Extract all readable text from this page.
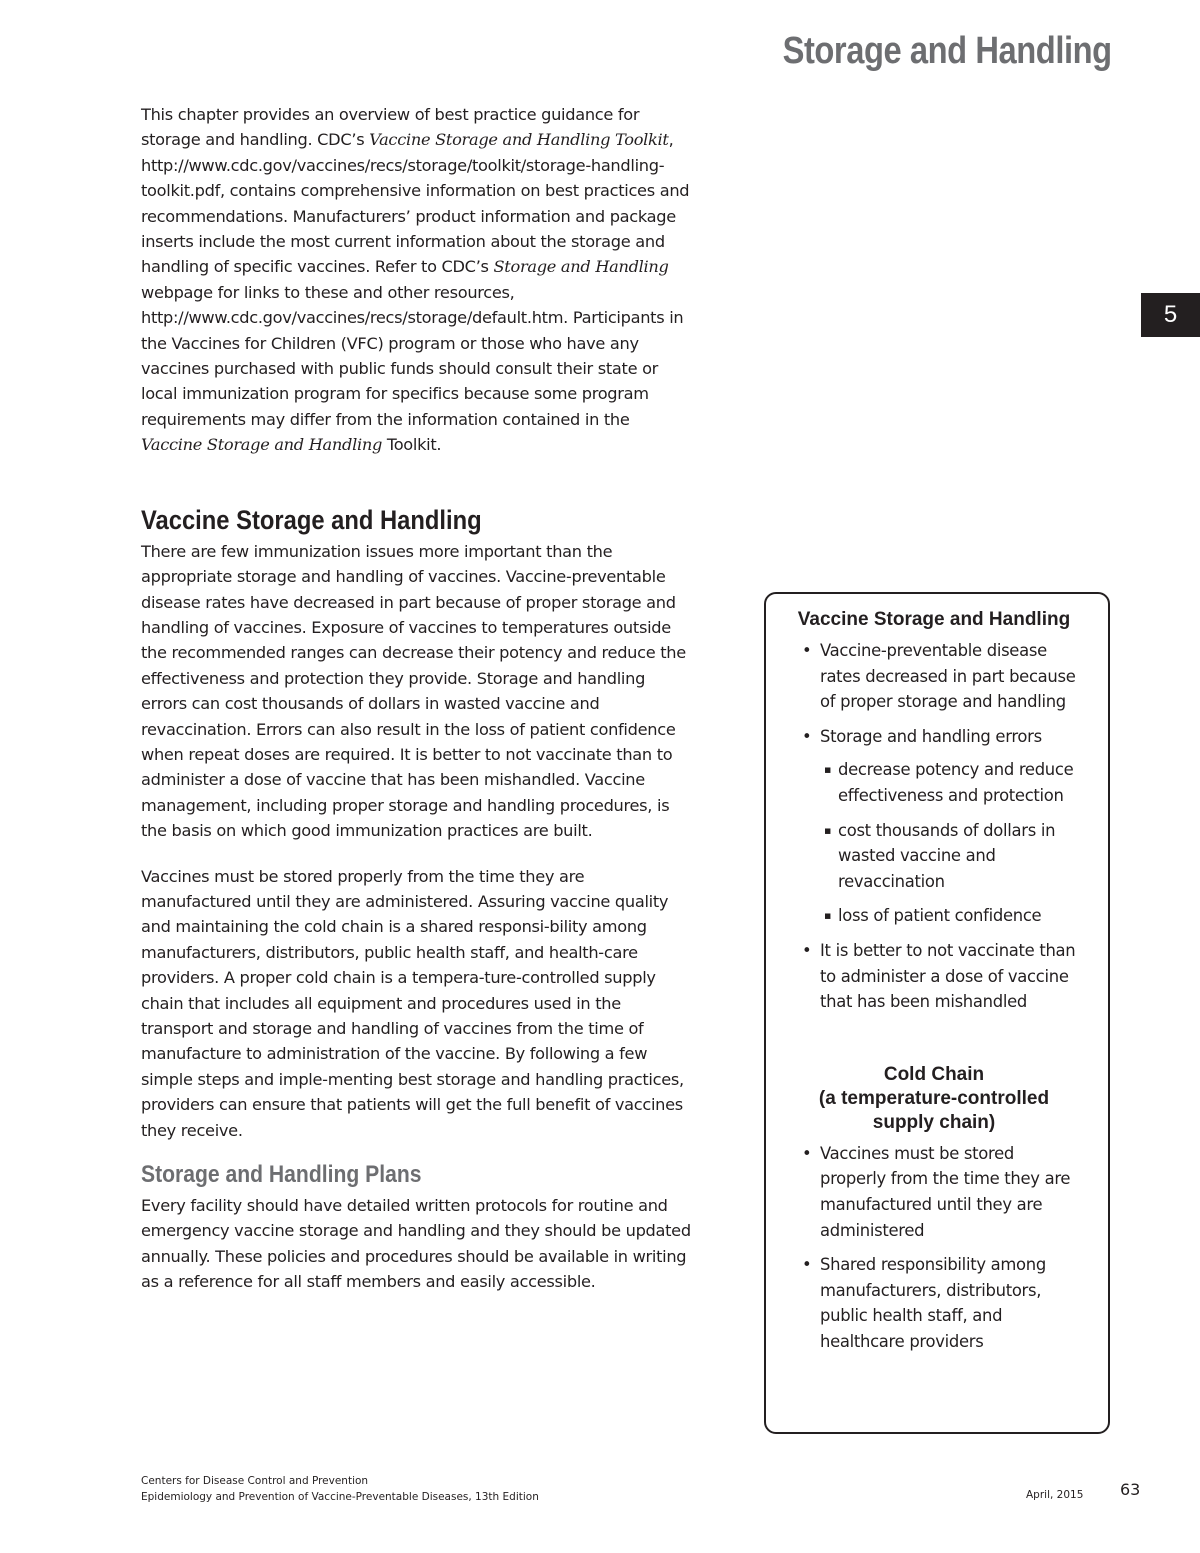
Storage and Handling
5

This chapter provides an overview of best practice guidance for storage and handling. CDC’s Vaccine Storage and Handling Toolkit, http://www.cdc.gov/vaccines/recs/storage/toolkit/storage-handling-toolkit.pdf, contains comprehensive information on best practices and recommendations. Manufacturers’ product information and package inserts include the most current information about the storage and handling of specific vaccines. Refer to CDC’s Storage and Handling webpage for links to these and other resources, http://www.cdc.gov/vaccines/recs/storage/default.htm. Participants in the Vaccines for Children (VFC) program or those who have any vaccines purchased with public funds should consult their state or local immunization program for specifics because some program requirements may differ from the information contained in the Vaccine Storage and Handling Toolkit.

Vaccine Storage and Handling

There are few immunization issues more important than the appropriate storage and handling of vaccines. Vaccine-preventable disease rates have decreased in part because of proper storage and handling of vaccines. Exposure of vaccines to temperatures outside the recommended ranges can decrease their potency and reduce the effectiveness and protection they provide. Storage and handling errors can cost thousands of dollars in wasted vaccine and revaccination. Errors can also result in the loss of patient confidence when repeat doses are required. It is better to not vaccinate than to administer a dose of vaccine that has been mishandled. Vaccine management, including proper storage and handling procedures, is the basis on which good immunization practices are built.

Vaccines must be stored properly from the time they are manufactured until they are administered. Assuring vaccine quality and maintaining the cold chain is a shared responsi-bility among manufacturers, distributors, public health staff, and health-care providers. A proper cold chain is a tempera-ture-controlled supply chain that includes all equipment and procedures used in the transport and storage and handling of vaccines from the time of manufacture to administration of the vaccine. By following a few simple steps and imple-menting best storage and handling practices, providers can ensure that patients will get the full benefit of vaccines they receive.

Storage and Handling Plans

Every facility should have detailed written protocols for routine and emergency vaccine storage and handling and they should be updated annually. These policies and procedures should be available in writing as a reference for all staff members and easily accessible.

Vaccine Storage and Handling
• Vaccine-preventable disease rates decreased in part because of proper storage and handling
• Storage and handling errors
▪ decrease potency and reduce effectiveness and protection
▪ cost thousands of dollars in wasted vaccine and revaccination
▪ loss of patient confidence
• It is better to not vaccinate than to administer a dose of vaccine that has been mishandled
Cold Chain
(a temperature-controlled
supply chain)
• Vaccines must be stored properly from the time they are manufactured until they are administered
• Shared responsibility among manufacturers, distributors, public health staff, and healthcare providers
Centers for Disease Control and Prevention
Epidemiology and Prevention of Vaccine-Preventable Diseases, 13th Edition	April, 2015 63
